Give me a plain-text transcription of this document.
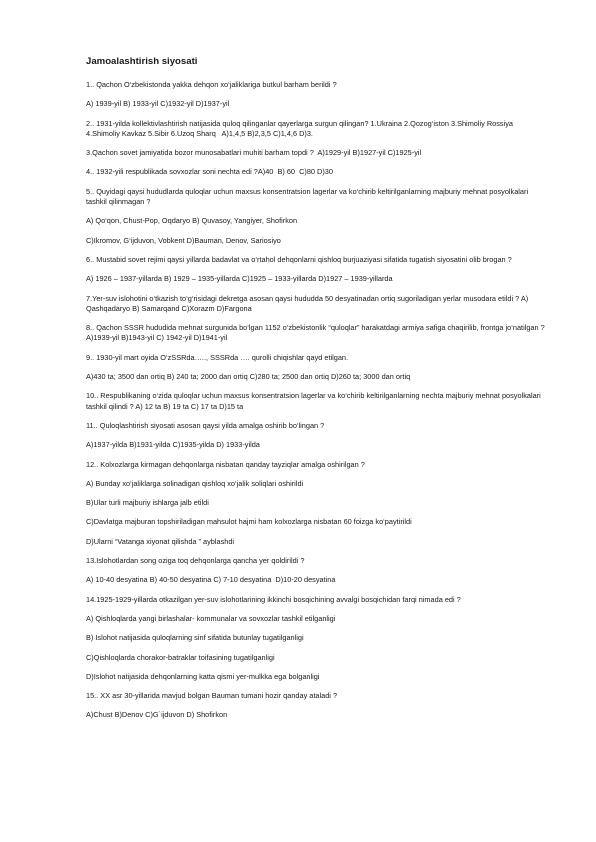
Jamoalashtirish siyosati

1.. Qachon O‘zbekistonda yakka dehqon xo‘jaliklariga butkul barham berildi ?

A) 1939-yil B) 1933-yil C)1932-yil D)1937-yil

2.. 1931-yilda kollektivlashtirish natijasida quloq qilinganlar qayerlarga surgun qilingan? 1.Ukraina 2.Qozog‘iston 3.Shimoliy Rossiya 4.Shimoliy Kavkaz 5.Sibir 6.Uzoq Sharq   A)1,4,5 B)2,3,5 C)1,4,6 D)3.

3.Qachon sovet jamiyatida bozor munosabatlari muhiti barham topdi ?  A)1929-yil B)1927-yil C)1925-yil

4.. 1932-yili respublikada sovxozlar soni nechta edi ?A)40  B) 60  C)80 D)30

5.. Quyidagi qaysi hududlarda quloqlar uchun maxsus konsentratsion lagerlar va ko‘chirib keltirilganlarning majburiy mehnat posyolkalari tashkil qilinmagan ?

A) Qo‘qon, Chust-Pop, Oqdaryo B) Quvasoy, Yangiyer, Shofirkon

C)Ikromov, G‘ijduvon, Vobkent D)Bauman, Denov, Sariosiyo

6.. Mustabid sovet rejimi qaysi yillarda badavlat va o‘rtahol dehqonlarni qishloq burjuaziyasi sifatida tugatish siyosatini olib brogan ?

A) 1926 – 1937-yillarda B) 1929 – 1935-yillarda C)1925 – 1933-yillarda D)1927 – 1939-yillarda

7.Yer-suv islohotini o‘tkazish to‘g‘risidagi dekretga asosan qaysi hududda 50 desyatinadan ortiq sugoriladigan yerlar musodara etildi ? A) Qashqadaryo B) Samarqand C)Xorazm D)Fargona

8.. Qachon SSSR hududida mehnat surgunida bo‘lgan 1152 o‘zbekistonlik “quloqlar” harakatdagi armiya safiga chaqirilib, frontga jo‘natilgan ? A)1939-yil B)1943-yil C) 1942-yil D)1941-yil

9.. 1930-yil mart oyida O‘zSSRda….., SSSRda …. qurolli chiqishlar qayd etilgan.

A)430 ta; 3500 dan ortiq B) 240 ta; 2000 dan ortiq C)280 ta; 2500 dan ortiq D)260 ta; 3000 dan ortiq

10.. Respublikaning o‘zida quloqlar uchun maxsus konsentratsion lagerlar va ko‘chirib keltirilganlarning nechta majburiy mehnat posyolkalari tashkil qilindi ? A) 12 ta B) 19 ta C) 17 ta D)15 ta

11.. Quloqlashtirish siyosati asosan qaysi yilda amalga oshirib bo‘lingan ?

A)1937-yilda B)1931-yilda C)1935-yilda D) 1933-yilda

12.. Kolxozlarga kirmagan dehqonlarga nisbatan qanday tayziqlar amalga oshirilgan ?

A) Bunday xo‘jaliklarga solinadigan qishloq xo‘jalik soliqlari oshirildi

B)Ular turli majburiy ishlarga jalb etildi

C)Davlatga majburan topshiriladigan mahsulot hajmi ham kolxozlarga nisbatan 60 foizga ko‘paytirildi

D)Ularni “Vatanga xiyonat qilishda ” ayblashdi

13.Islohotlardan song oziga toq dehqonlarga qancha yer qoldirildi ?

A) 10-40 desyatina B) 40-50 desyatina C) 7-10 desyatina  D)10-20 desyatina

14.1925-1929-yillarda otkazilgan yer-suv islohotlarining ikkinchi bosqichining avvalgi bosqichidan farqi nimada edi ?

A) Qishloqlarda yangi birlashalar- kommunalar va sovxozlar tashkil etilganligi

B) Islohot natijasida quloqlarning sinf sifatida butunlay tugatilganligi

C)Qishloqlarda chorakor-batraklar toifasining tugatilganligi

D)Islohot natijasida dehqonlarning katta qismi yer-mulkka ega bolganligi

15.. XX asr 30-yillarida mavjud bolgan Bauman tumani hozir qanday ataladi ?

A)Chust B)Denov C)G`ijduvon D) Shofirkon
